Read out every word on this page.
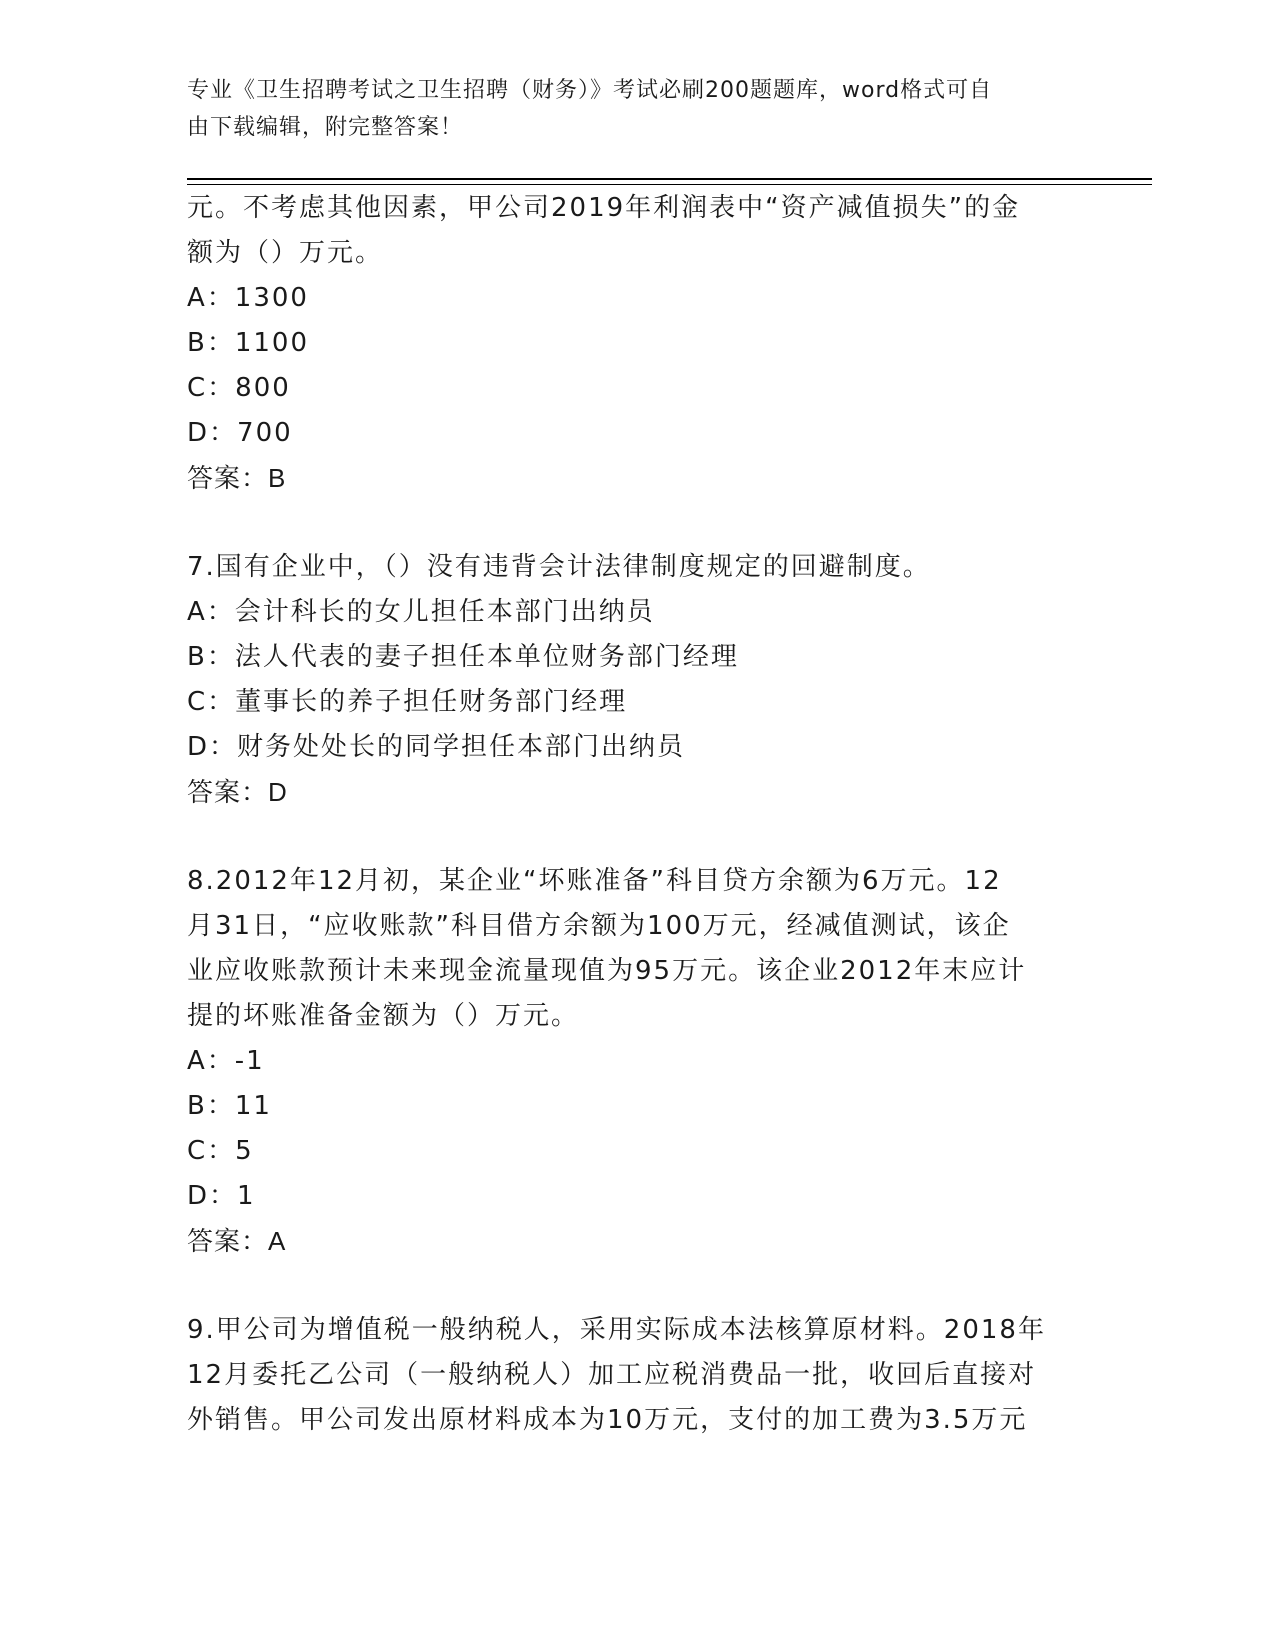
专业《卫生招聘考试之卫生招聘（财务）》考试必刷200题题库，word格式可自
由下载编辑，附完整答案！
元。不考虑其他因素，甲公司2019年利润表中“资产减值损失”的金
额为（）万元。
A：1300
B：1100
C：800
D：700
答案：B
7.国有企业中，（）没有违背会计法律制度规定的回避制度。
A：会计科长的女儿担任本部门出纳员
B：法人代表的妻子担任本单位财务部门经理
C：董事长的养子担任财务部门经理
D：财务处处长的同学担任本部门出纳员
答案：D
8.2012年12月初，某企业“坏账准备”科目贷方余额为6万元。12
月31日，“应收账款”科目借方余额为100万元，经减值测试，该企
业应收账款预计未来现金流量现值为95万元。该企业2012年末应计
提的坏账准备金额为（）万元。
A：-1
B：11
C：5
D：1
答案：A
9.甲公司为增值税一般纳税人，采用实际成本法核算原材料。2018年
12月委托乙公司（一般纳税人）加工应税消费品一批，收回后直接对
外销售。甲公司发出原材料成本为10万元，支付的加工费为3.5万元
